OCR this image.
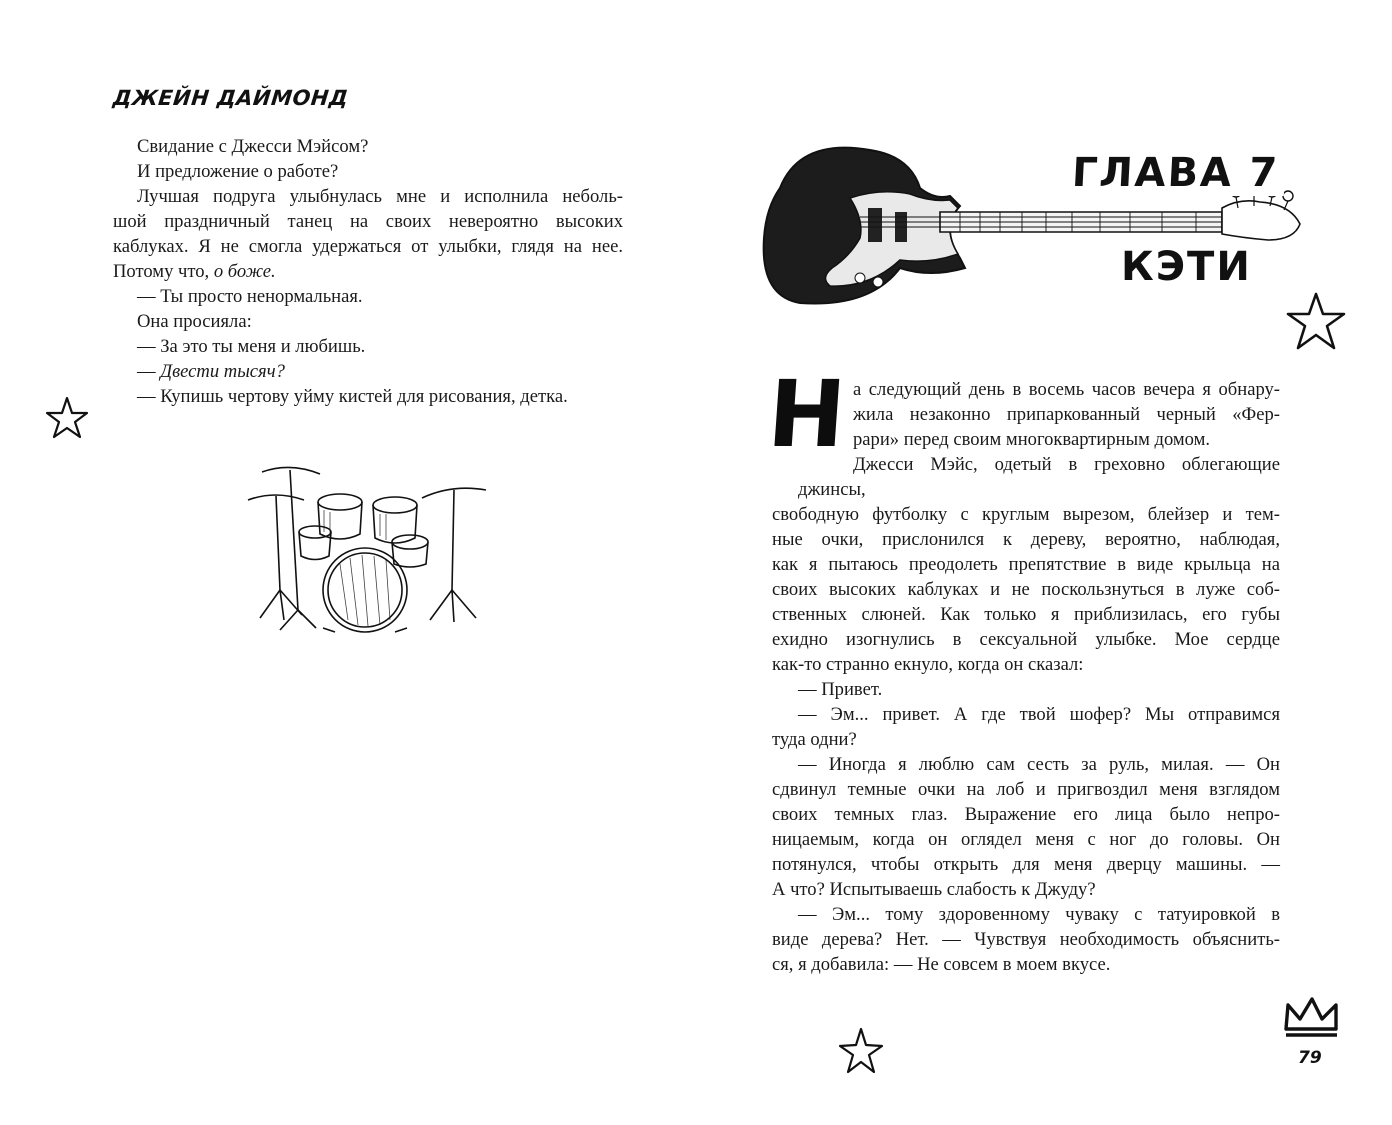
ДЖЕЙН ДАЙМОНД
Свидание с Джесси Мэйсом?
И предложение о работе?
Лучшая подруга улыбнулась мне и исполнила неболь-
шой праздничный танец на своих невероятно высоких
каблуках. Я не смогла удержаться от улыбки, глядя на нее.
Потому что, о боже.
— Ты просто ненормальная.
Она просияла:
— За это ты меня и любишь.
— Двести тысяч?
— Купишь чертову уйму кистей для рисования, детка.
ГЛАВА 7
КЭТИ
Н а следующий день в восемь часов вечера я обнару-
жила незаконно припаркованный черный «Фер-
рари» перед своим многоквартирным домом.

Джесси Мэйс, одетый в греховно облегающие джинсы,
свободную футболку с круглым вырезом, блейзер и тем-
ные очки, прислонился к дереву, вероятно, наблюдая,
как я пытаюсь преодолеть препятствие в виде крыльца на
своих высоких каблуках и не поскользнуться в луже соб-
ственных слюней. Как только я приблизилась, его губы
ехидно изогнулись в сексуальной улыбке. Мое сердце
как-то странно екнуло, когда он сказал:

— Привет.

— Эм... привет. А где твой шофер? Мы отправимся
туда одни?

— Иногда я люблю сам сесть за руль, милая. — Он
сдвинул темные очки на лоб и пригвоздил меня взглядом
своих темных глаз. Выражение его лица было непро-
ницаемым, когда он оглядел меня с ног до головы. Он
потянулся, чтобы открыть для меня дверцу машины. —
А что? Испытываешь слабость к Джуду?

— Эм... тому здоровенному чуваку с татуировкой в
виде дерева? Нет. — Чувствуя необходимость объяснить-
ся, я добавила: — Не совсем в моем вкусе.

79
